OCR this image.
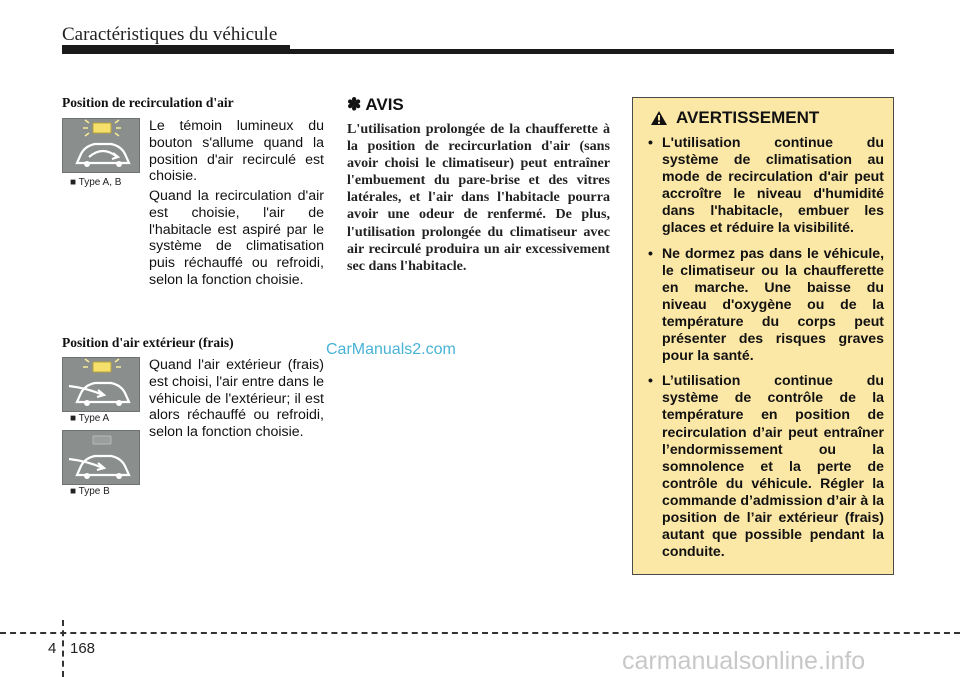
Caractéristiques du véhicule
Position de recirculation d'air
■ Type A, B
Le témoin lumineux du bouton s'allume quand la position d'air recirculé est choisie.
Quand la recirculation d'air est choisie, l'air de l'habitacle est aspiré par le système de climatisation puis réchauffé ou refroidi, selon la fonction choisie.
Position d'air extérieur (frais)
■ Type A
■ Type B
Quand l'air extérieur (frais) est choisi, l'air entre dans le véhicule de l'extérieur; il est alors réchauffé ou refroidi, selon la fonction choisie.
CarManuals2.com
✽ AVIS
L'utilisation prolongée de la chaufferette à la position de recircurlation d'air (sans avoir choisi le climatiseur) peut entraîner l'embuement du pare-brise et des vitres latérales, et l'air dans l'habitacle pourra avoir une odeur de renfermé. De plus, l'utilisation prolongée du climatiseur avec air recirculé produira un air excessivement sec dans l'habitacle.
AVERTISSEMENT
• L'utilisation continue du système de climatisation au mode de recirculation d'air peut accroître le niveau d'humidité dans l'habitacle, embuer les glaces et réduire la visibilité.
• Ne dormez pas dans le véhicule, le climatiseur ou la chaufferette en marche. Une baisse du niveau d'oxygène ou de la température du corps peut présenter des risques graves pour la santé.
• L’utilisation continue du système de contrôle de la température en position de recirculation d’air peut entraîner l’endormissement ou la somnolence et la perte de contrôle du véhicule. Régler la commande d’admission d’air à la position de l’air extérieur (frais) autant que possible pendant la conduite.
4 168	carmanualsonline.info
